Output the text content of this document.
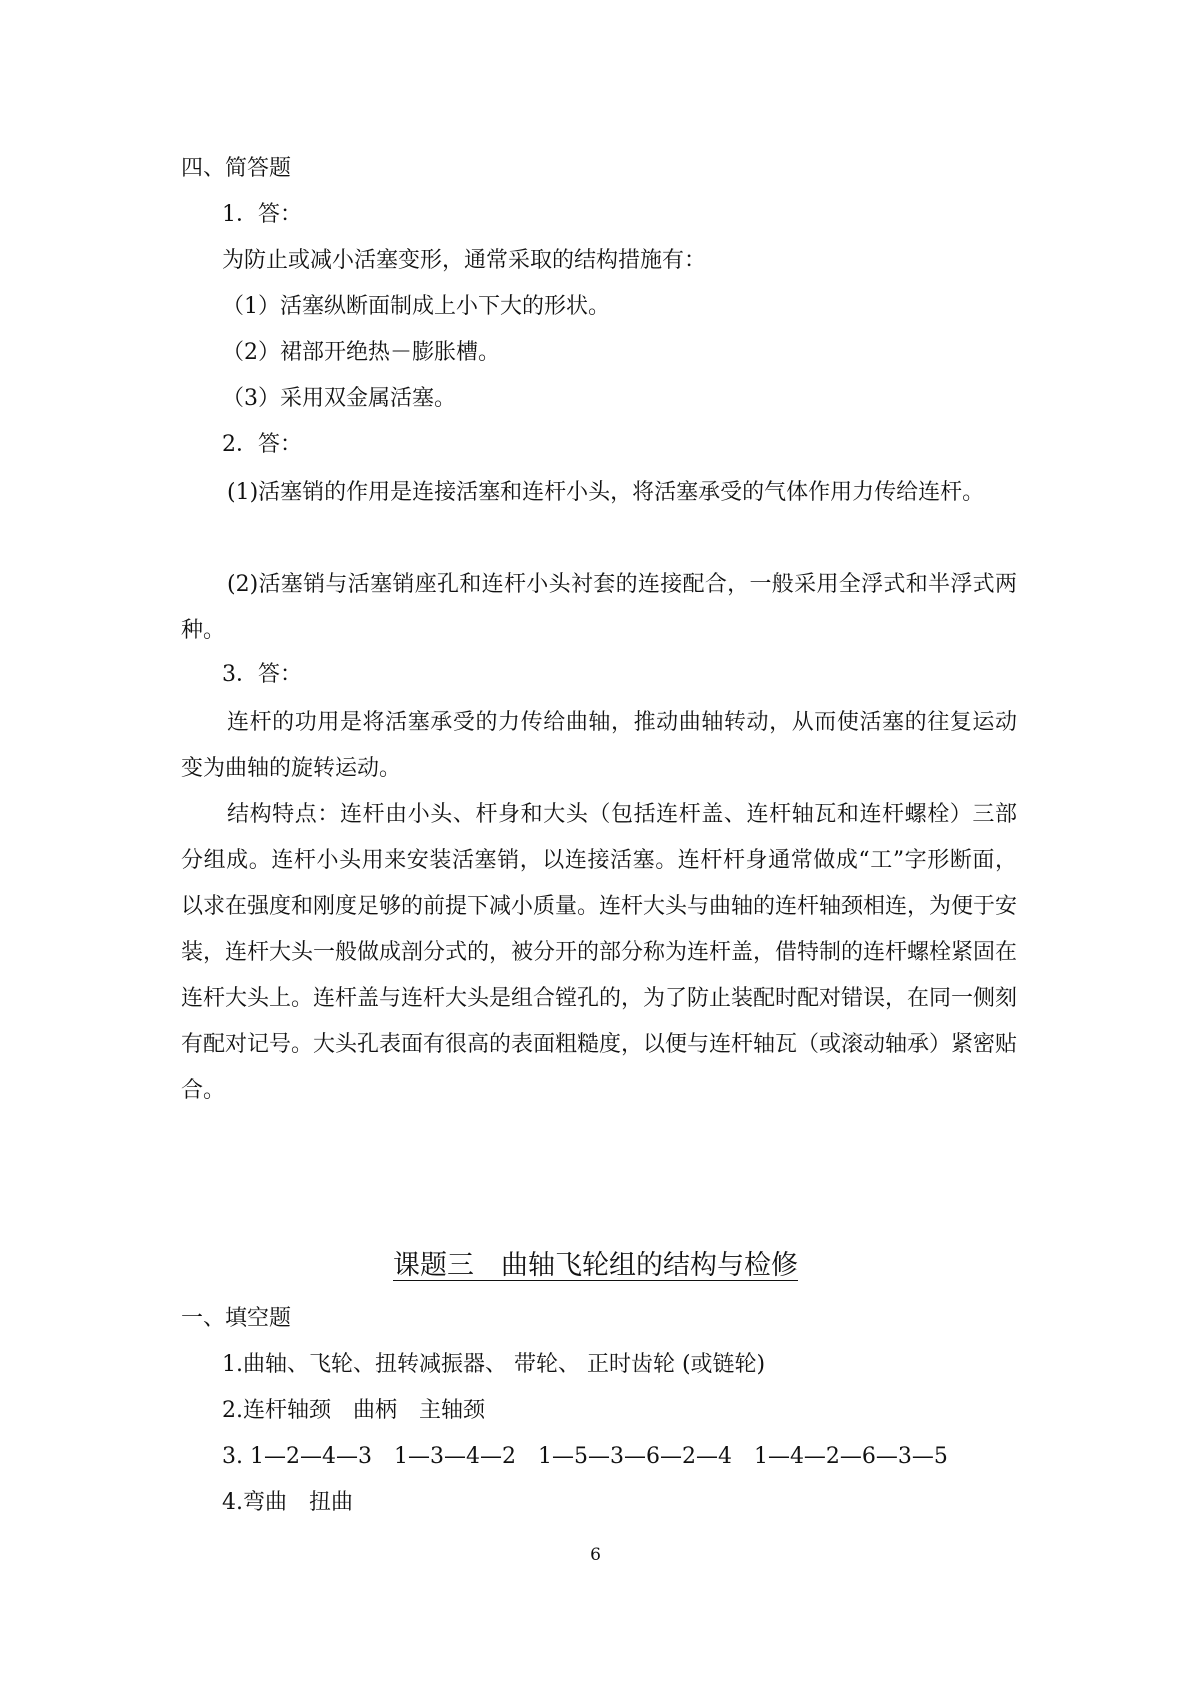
四、简答题
1．答：
为防止或减小活塞变形，通常采取的结构措施有：
（1）活塞纵断面制成上小下大的形状。
（2）裙部开绝热－膨胀槽。
（3）采用双金属活塞。
2．答：
(1)活塞销的作用是连接活塞和连杆小头，将活塞承受的气体作用力传给连杆。
(2)活塞销与活塞销座孔和连杆小头衬套的连接配合，一般采用全浮式和半浮式两种。
3．答：
连杆的功用是将活塞承受的力传给曲轴，推动曲轴转动，从而使活塞的往复运动变为曲轴的旋转运动。
结构特点：连杆由小头、杆身和大头（包括连杆盖、连杆轴瓦和连杆螺栓）三部分组成。连杆小头用来安装活塞销，以连接活塞。连杆杆身通常做成“工”字形断面，以求在强度和刚度足够的前提下减小质量。连杆大头与曲轴的连杆轴颈相连，为便于安装，连杆大头一般做成剖分式的，被分开的部分称为连杆盖，借特制的连杆螺栓紧固在连杆大头上。连杆盖与连杆大头是组合镗孔的，为了防止装配时配对错误，在同一侧刻有配对记号。大头孔表面有很高的表面粗糙度，以便与连杆轴瓦（或滚动轴承）紧密贴合。
课题三　曲轴飞轮组的结构与检修
一、填空题
1.曲轴、飞轮、扭转减振器、 带轮、 正时齿轮 (或链轮)
2.连杆轴颈　曲柄　主轴颈
3. 1—2—4—3　1—3—4—2　1—5—3—6—2—4　1—4—2—6—3—5
4.弯曲　扭曲
6
